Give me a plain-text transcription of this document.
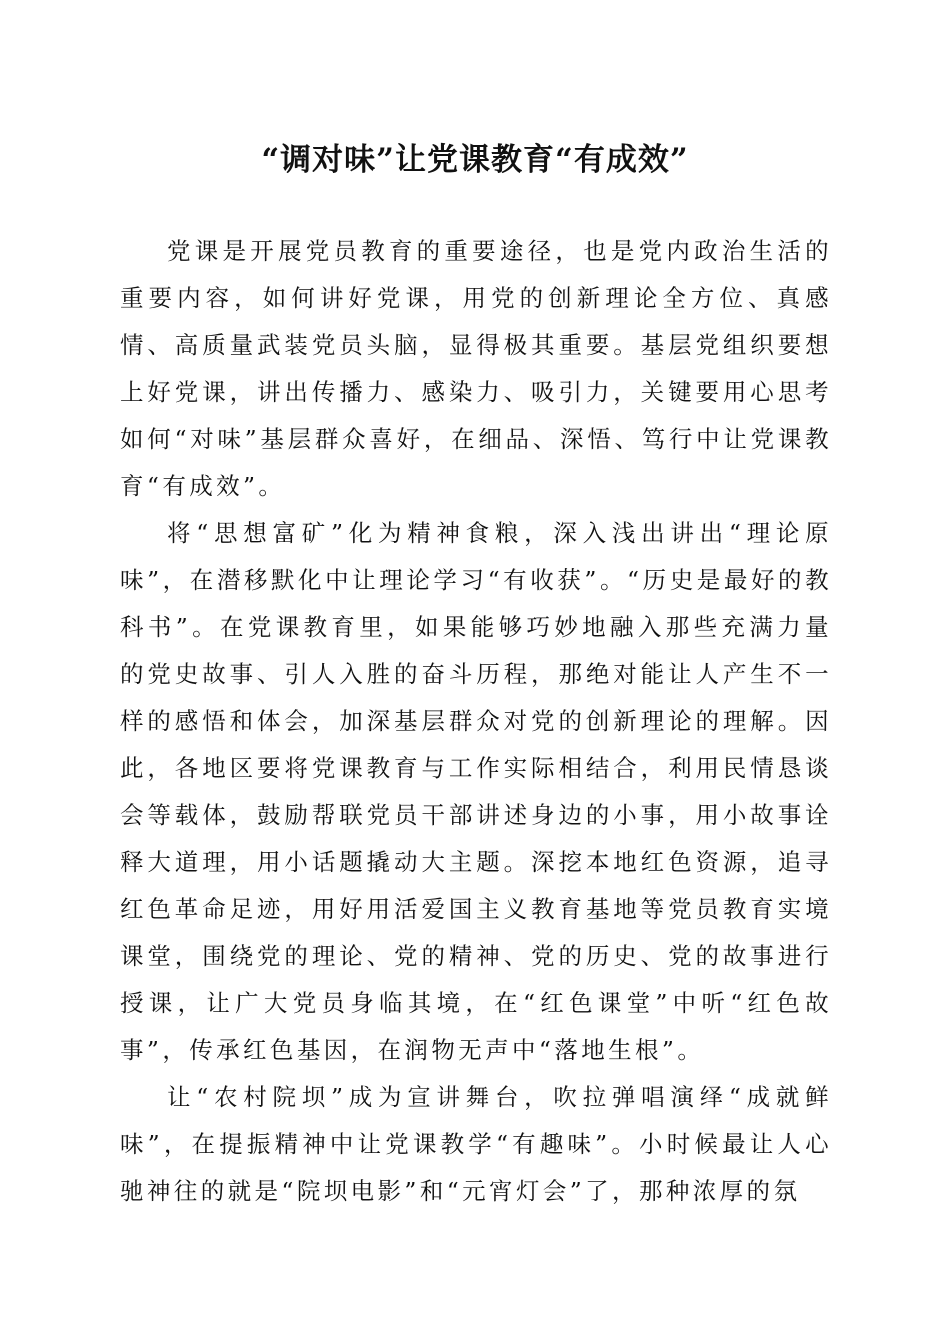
“调对味”让党课教育“有成效”

党课是开展党员教育的重要途径，也是党内政治生活的重要内容，如何讲好党课，用党的创新理论全方位、真感情、高质量武装党员头脑，显得极其重要。基层党组织要想上好党课，讲出传播力、感染力、吸引力，关键要用心思考如何“对味”基层群众喜好，在细品、深悟、笃行中让党课教育“有成效”。

将“思想富矿”化为精神食粮，深入浅出讲出“理论原味”，在潜移默化中让理论学习“有收获”。“历史是最好的教科书”。在党课教育里，如果能够巧妙地融入那些充满力量的党史故事、引人入胜的奋斗历程，那绝对能让人产生不一样的感悟和体会，加深基层群众对党的创新理论的理解。因此，各地区要将党课教育与工作实际相结合，利用民情恳谈会等载体，鼓励帮联党员干部讲述身边的小事，用小故事诠释大道理，用小话题撬动大主题。深挖本地红色资源，追寻红色革命足迹，用好用活爱国主义教育基地等党员教育实境课堂，围绕党的理论、党的精神、党的历史、党的故事进行授课，让广大党员身临其境，在“红色课堂”中听“红色故事”，传承红色基因，在润物无声中“落地生根”。

让“农村院坝”成为宣讲舞台，吹拉弹唱演绎“成就鲜味”，在提振精神中让党课教学“有趣味”。小时候最让人心驰神往的就是“院坝电影”和“元宵灯会”了，那种浓厚的氛
